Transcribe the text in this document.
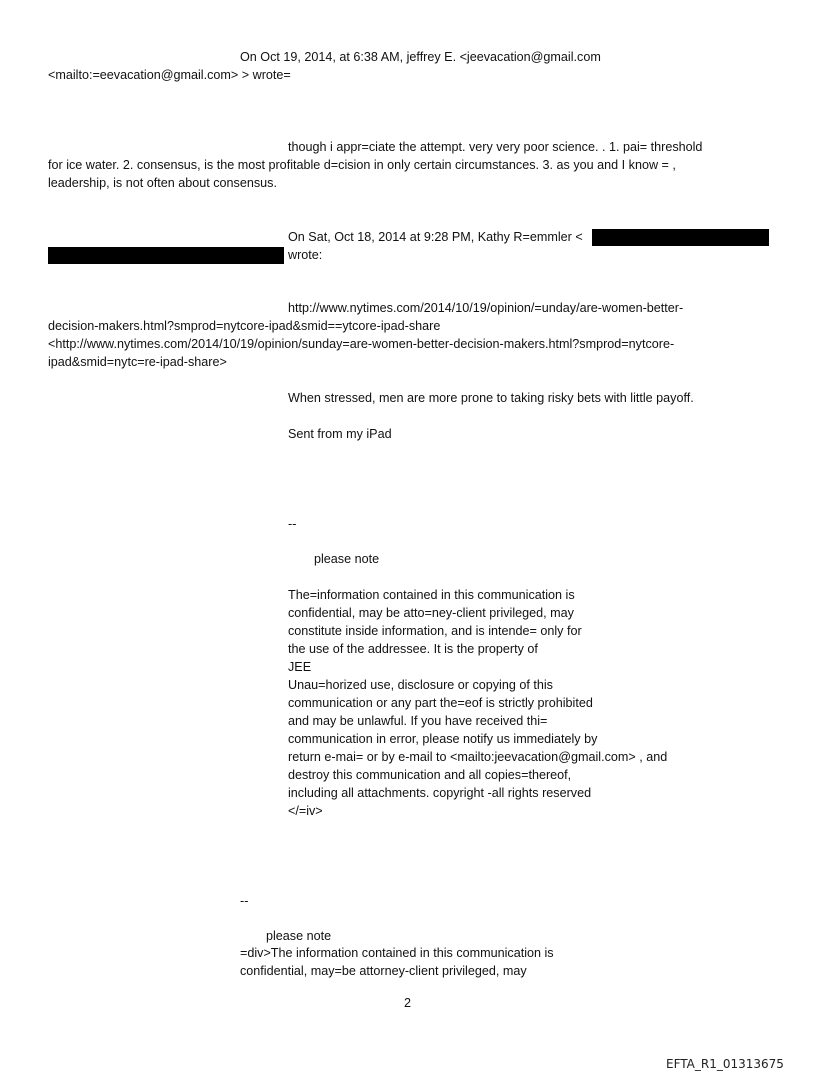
On Oct 19, 2014, at 6:38 AM, jeffrey E. <jeevacation@gmail.com
<mailto:=eevacation@gmail.com> > wrote=
though i appr=ciate the attempt. very very poor science. . 1. pai= threshold
for ice water. 2. consensus, is the most profitable d=cision in only certain circumstances. 3. as you and I know = ,
leadership, is not often about consensus.
On Sat, Oct 18, 2014 at 9:28 PM, Kathy R=emmler <
wrote:
http://www.nytimes.com/2014/10/19/opinion/=unday/are-women-better-
decision-makers.html?smprod=nytcore-ipad&smid==ytcore-ipad-share
<http://www.nytimes.com/2014/10/19/opinion/sunday=are-women-better-decision-makers.html?smprod=nytcore-
ipad&smid=nytc=re-ipad-share>
When stressed, men are more prone to taking risky bets with little payoff.
Sent from my iPad
--
please note
The=information contained in this communication is
confidential, may be atto=ney-client privileged, may
constitute inside information, and is intende= only for
the use of the addressee. It is the property of
JEE
Unau=horized use, disclosure or copying of this
communication or any part the=eof is strictly prohibited
and may be unlawful. If you have received thi=
communication in error, please notify us immediately by
return e-mai= or by e-mail to <mailto:jeevacation@gmail.com> , and
destroy this communication and all copies=thereof,
including all attachments. copyright -all rights reserved
</=iv>
--
please note
=div>The information contained in this communication is
confidential, may=be attorney-client privileged, may
2
EFTA_R1_01313675
